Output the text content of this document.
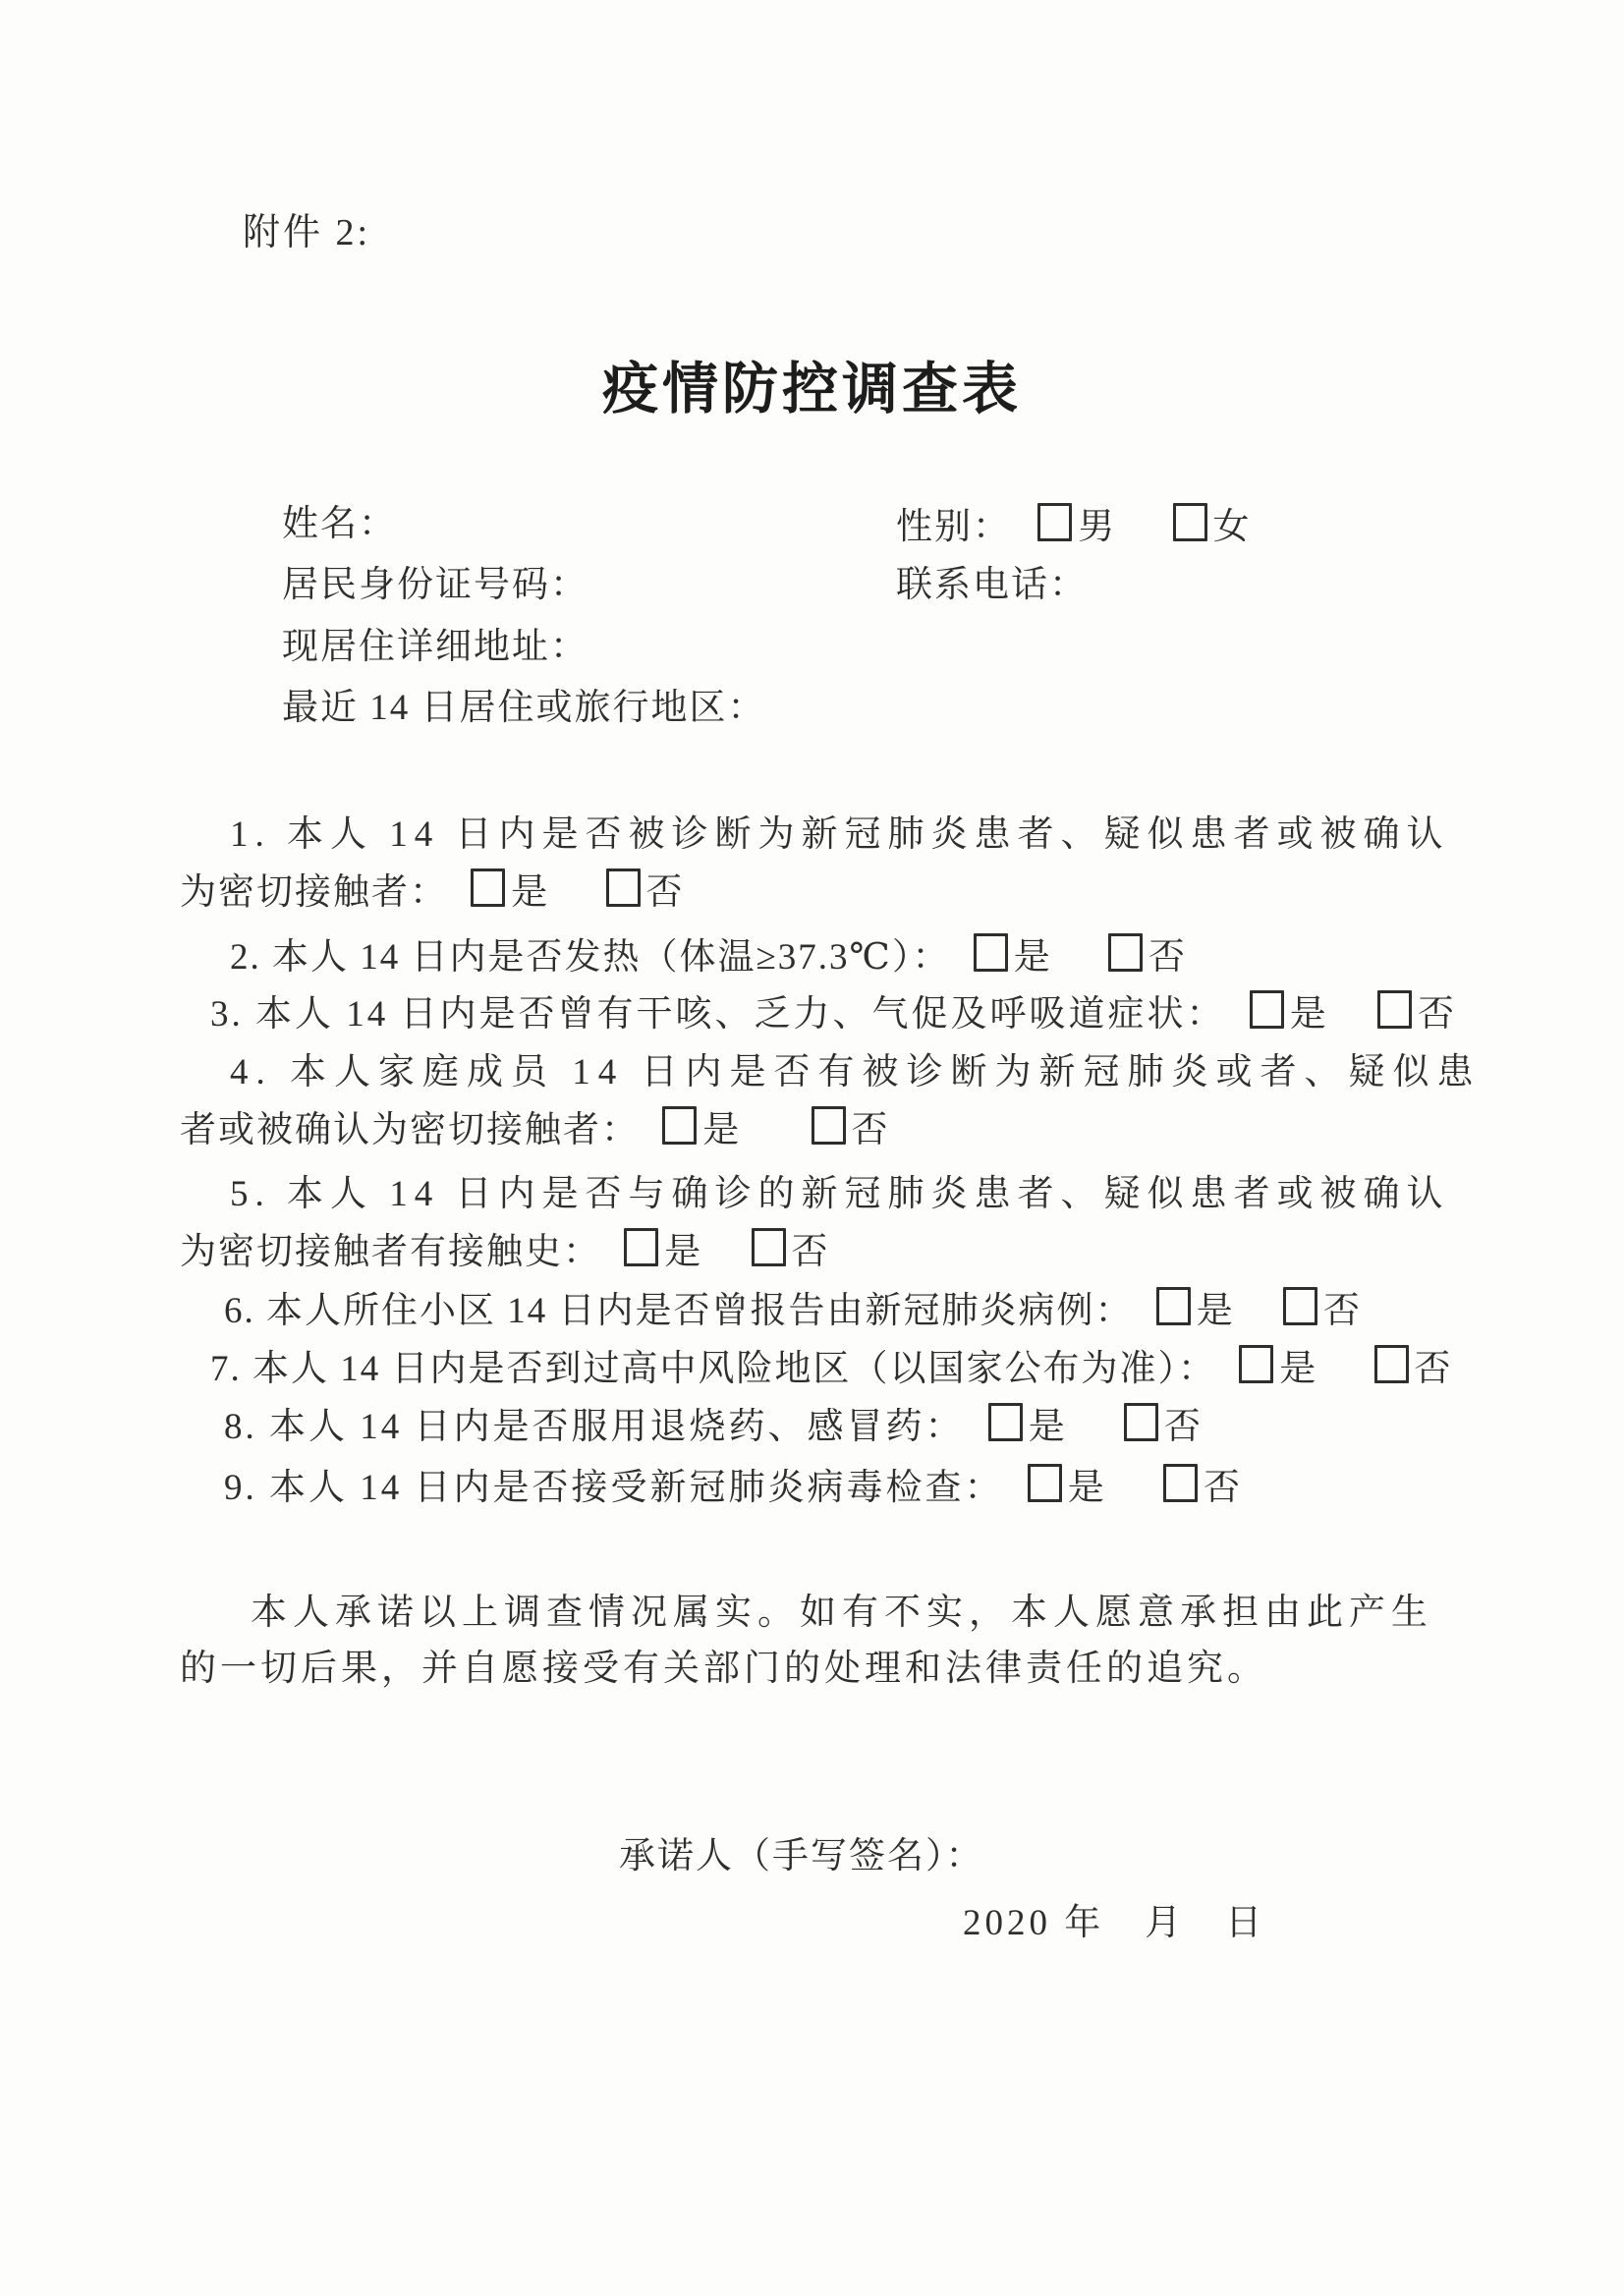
附件 2:
疫情防控调查表
姓名：	性别： 男	女
居民身份证号码：	联系电话：
现居住详细地址：
最近 14 日居住或旅行地区：
1. 本人 14 日内是否被诊断为新冠肺炎患者、疑似患者或被确认
为密切接触者： 是	否
2. 本人 14 日内是否发热（体温≥37.3℃）： 是	否
3. 本人 14 日内是否曾有干咳、乏力、气促及呼吸道症状： 是	否
4. 本人家庭成员 14 日内是否有被诊断为新冠肺炎或者、疑似患
者或被确认为密切接触者： 是	否
5. 本人 14 日内是否与确诊的新冠肺炎患者、疑似患者或被确认
为密切接触者有接触史： 是 否
6. 本人所住小区 14 日内是否曾报告由新冠肺炎病例： 是 否
7. 本人 14 日内是否到过高中风险地区（以国家公布为准）： 是	否
8. 本人 14 日内是否服用退烧药、感冒药： 是	否
9. 本人 14 日内是否接受新冠肺炎病毒检查： 是	否
本人承诺以上调查情况属实。如有不实，本人愿意承担由此产生
的一切后果，并自愿接受有关部门的处理和法律责任的追究。
承诺人（手写签名）：
2020 年　月　日
